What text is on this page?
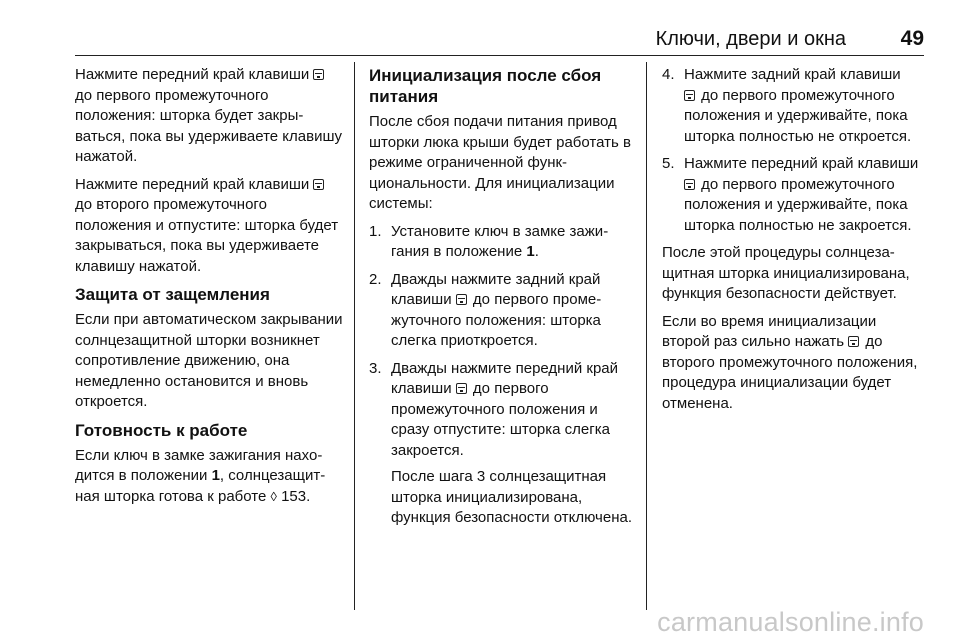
Ключи, двери и окна	49

Нажмите передний край клавиши  до первого промежуточного положения: шторка будет закрываться, пока вы удерживаете клавишу нажатой.

Нажмите передний край клавиши  до второго промежуточного положения и отпустите: шторка будет закрываться, пока вы удерживаете клавишу нажатой.

Защита от защемления

Если при автоматическом закрывании солнцезащитной шторки возникнет сопротивление движению, она немедленно остановится и вновь откроется.

Готовность к работе

Если ключ в замке зажигания находится в положении 1, солнцезащитная шторка готова к работе ◊ 153.

Инициализация после сбоя питания

После сбоя подачи питания привод шторки люка крыши будет работать в режиме ограниченной функциональности. Для инициализации системы:

1. Установите ключ в замке зажигания в положение 1.
2. Дважды нажмите задний край клавиши  до первого промежуточного положения: шторка слегка приоткроется.
3. Дважды нажмите передний край клавиши  до первого промежуточного положения и сразу отпустите: шторка слегка закроется.
После шага 3 солнцезащитная шторка инициализирована, функция безопасности отключена.
4. Нажмите задний край клавиши
до первого промежуточного положения и удерживайте, пока шторка полностью не откроется.
5. Нажмите передний край клавиши  до первого промежуточного положения и удерживайте, пока шторка полностью не закроется.

После этой процедуры солнцезащитная шторка инициализирована, функция безопасности действует.

Если во время инициализации второй раз сильно нажать  до второго промежуточного положения, процедура инициализации будет отменена.

carmanualsonline.info
